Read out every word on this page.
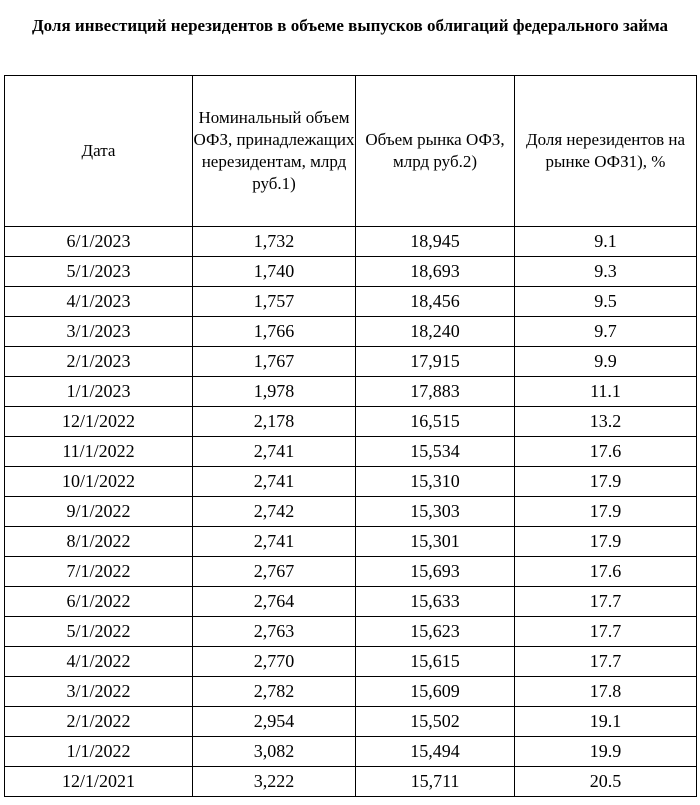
Доля инвестиций нерезидентов в объеме выпусков облигаций федерального займа
Дата	Номинальный объем ОФЗ, принадлежащих нерезидентам, млрд руб.1)	Объем рынка ОФЗ, млрд руб.2)	Доля нерезидентов на рынке ОФЗ1), %
6/1/2023	1,732	18,945	9.1
5/1/2023	1,740	18,693	9.3
4/1/2023	1,757	18,456	9.5
3/1/2023	1,766	18,240	9.7
2/1/2023	1,767	17,915	9.9
1/1/2023	1,978	17,883	11.1
12/1/2022	2,178	16,515	13.2
11/1/2022	2,741	15,534	17.6
10/1/2022	2,741	15,310	17.9
9/1/2022	2,742	15,303	17.9
8/1/2022	2,741	15,301	17.9
7/1/2022	2,767	15,693	17.6
6/1/2022	2,764	15,633	17.7
5/1/2022	2,763	15,623	17.7
4/1/2022	2,770	15,615	17.7
3/1/2022	2,782	15,609	17.8
2/1/2022	2,954	15,502	19.1
1/1/2022	3,082	15,494	19.9
12/1/2021	3,222	15,711	20.5
